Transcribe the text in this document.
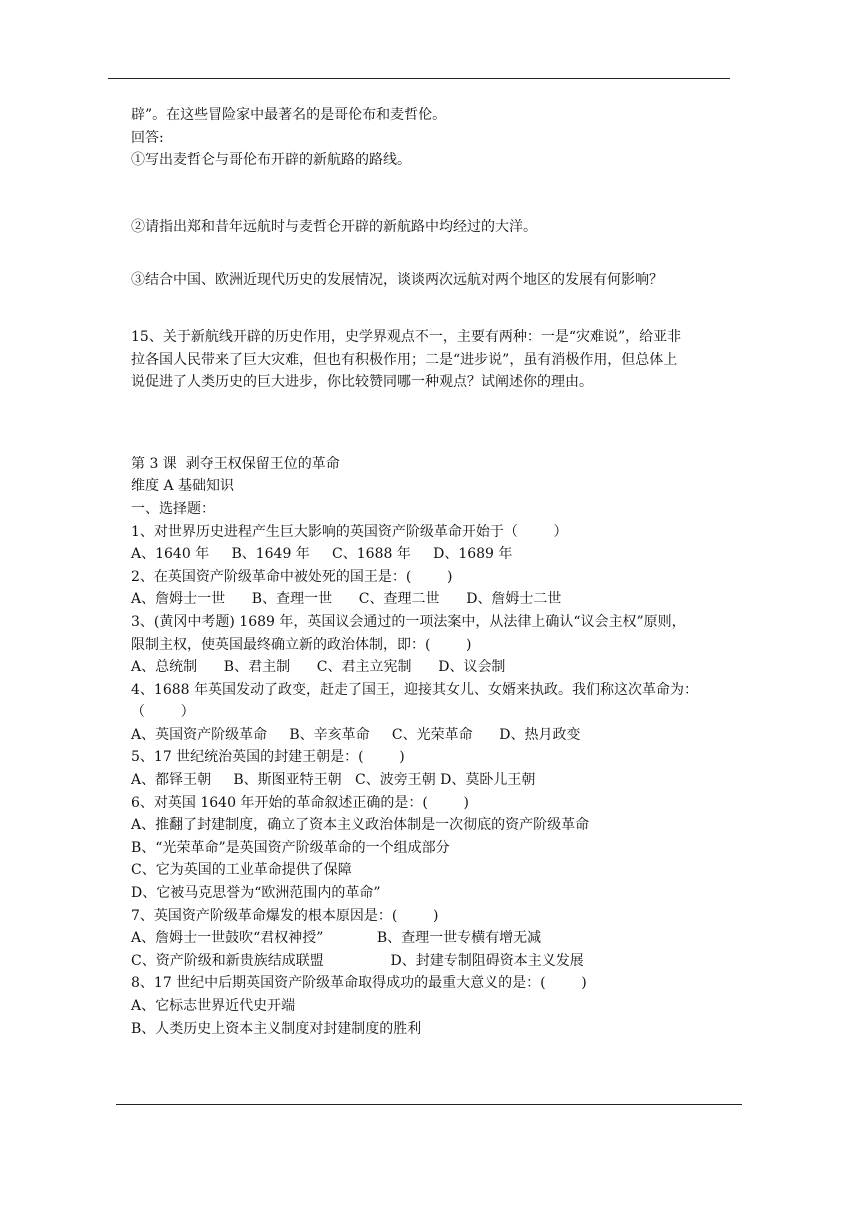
辟”。在这些冒险家中最著名的是哥伦布和麦哲伦。
回答:
①写出麦哲仑与哥伦布开辟的新航路的路线。
②请指出郑和昔年远航时与麦哲仑开辟的新航路中均经过的大洋。
③结合中国、欧洲近现代历史的发展情况，谈谈两次远航对两个地区的发展有何影响？
15、关于新航线开辟的历史作用，史学界观点不一，主要有两种：一是“灾难说”，给亚非
拉各国人民带来了巨大灾难，但也有积极作用；二是“进步说”，虽有消极作用，但总体上
说促进了人类历史的巨大进步，你比较赞同哪一种观点？试阐述你的理由。
第 3 课  剥夺王权保留王位的革命
维度 A 基础知识
一、选择题：
1、对世界历史进程产生巨大影响的英国资产阶级革命开始于（        ）
A、1640 年     B、1649 年     C、1688 年     D、1689 年
2、在英国资产阶级革命中被处死的国王是：(        )
A、詹姆士一世      B、查理一世      C、查理二世      D、詹姆士二世
3、(黄冈中考题) 1689 年，英国议会通过的一项法案中，从法律上确认“议会主权”原则，
限制主权，使英国最终确立新的政治体制，即：(        )
A、总统制      B、君主制      C、君主立宪制      D、议会制
4、1688 年英国发动了政变，赶走了国王，迎接其女儿、女婿来执政。我们称这次革命为：
（        ）
A、英国资产阶级革命     B、辛亥革命     C、光荣革命      D、热月政变
5、17 世纪统治英国的封建王朝是：(        )
A、都铎王朝     B、斯图亚特王朝   C、波旁王朝 D、莫卧儿王朝
6、对英国 1640 年开始的革命叙述正确的是：(        )
A、推翻了封建制度，确立了资本主义政治体制是一次彻底的资产阶级革命
B、“光荣革命”是英国资产阶级革命的一个组成部分
C、它为英国的工业革命提供了保障
D、它被马克思誉为“欧洲范围内的革命”
7、英国资产阶级革命爆发的根本原因是：(        )
A、詹姆士一世鼓吹“君权神授”            B、查理一世专横有增无减
C、资产阶级和新贵族结成联盟               D、封建专制阻碍资本主义发展
8、17 世纪中后期英国资产阶级革命取得成功的最重大意义的是：(        )
A、它标志世界近代史开端
B、人类历史上资本主义制度对封建制度的胜利
